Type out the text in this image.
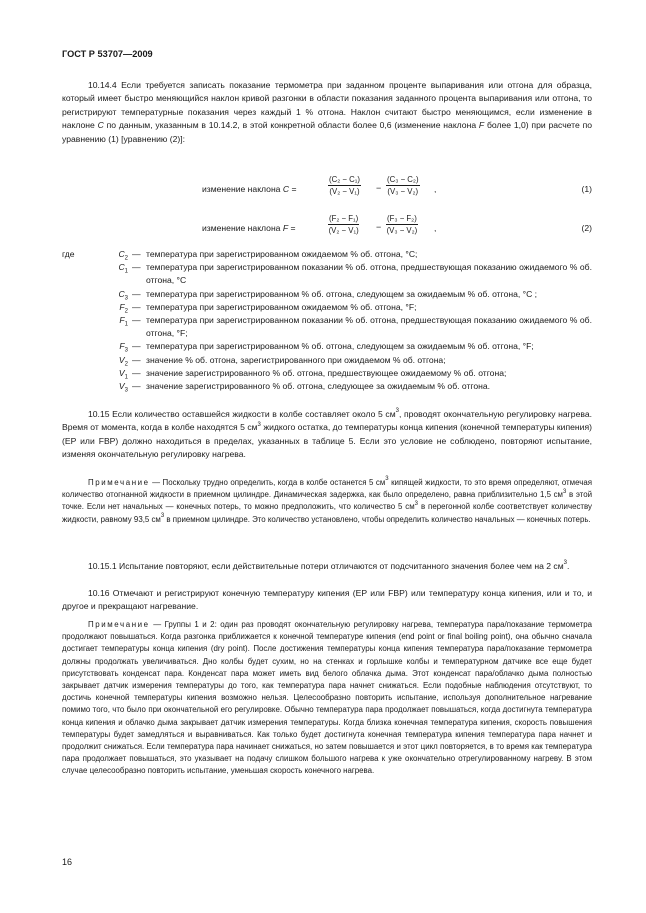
ГОСТ Р 53707—2009
10.14.4 Если требуется записать показание термометра при заданном проценте выпаривания или отгона для образца, который имеет быстро меняющийся наклон кривой разгонки в области показания заданного процента выпаривания или отгона, то регистрируют температурные показания через каждый 1 % отгона. Наклон считают быстро меняющимся, если изменение в наклоне C по данным, указанным в 10.14.2, в этой конкретной области более 0,6 (изменение наклона F более 1,0) при расчете по уравнению (1) [уравнению (2)]:
изменение наклона C =	$\frac{\text{(C₂ − C₁)}}{\text{(V₂ − V₁)}} - \frac{\text{(C₃ − C₂)}}{\text{(V₃ − V₂)}}$ ,	(1)
изменение наклона F =	$\frac{\text{(F₂ − F₁)}}{\text{(V₂ − V₁)}} - \frac{\text{(F₃ − F₂)}}{\text{(V₃ − V₂)}}$ ,	(2)
где	$C_2$ — температура при зарегистрированном ожидаемом % об. отгона, °C;
$C_1$ — температура при зарегистрированном показании % об. отгона, предшествующая показанию ожидаемого % об. отгона, °C
$C_3$ — температура при зарегистрированном % об. отгона, следующем за ожидаемым % об. отгона, °C ;
$F_2$ — температура при зарегистрированном ожидаемом % об. отгона, °F;
$F_1$ — температура при зарегистрированном показании % об. отгона, предшествующая показанию ожидаемого % об. отгона, °F;
$F_3$ — температура при зарегистрированном % об. отгона, следующем за ожидаемым % об. отгона, °F;
$V_2$ — значение % об. отгона, зарегистрированного при ожидаемом % об. отгона;
$V_1$ — значение зарегистрированного % об. отгона, предшествующее ожидаемому % об. отгона;
$V_3$ — значение зарегистрированного % об. отгона, следующее за ожидаемым % об. отгона.
10.15 Если количество оставшейся жидкости в колбе составляет около 5 $см^3$, проводят окончательную регулировку нагрева. Время от момента, когда в колбе находятся 5 $см^3$ жидкого остатка, до температуры конца кипения (конечной температуры кипения) (EP или FBP) должно находиться в пределах, указанных в таблице 5. Если это условие не соблюдено, повторяют испытание, изменяя окончательную регулировку нагрева.
Примечание — Поскольку трудно определить, когда в колбе останется 5 $см^3$ кипящей жидкости, то это время определяют, отмечая количество отогнанной жидкости в приемном цилиндре. Динамическая задержка, как было определено, равна приблизительно 1,5 $см^3$ в этой точке. Если нет начальных — конечных потерь, то можно предположить, что количество 5 $см^3$ в перегонной колбе соответствует количеству жидкости, равному 93,5 $см^3$ в приемном цилиндре. Это количество установлено, чтобы определить количество начальных — конечных потерь.
10.15.1 Испытание повторяют, если действительные потери отличаются от подсчитанного значения более чем на 2 $см^3$.
10.16 Отмечают и регистрируют конечную температуру кипения (EP или FBP) или температуру конца кипения, или и то, и другое и прекращают нагревание.
Примечание — Группы 1 и 2: один раз проводят окончательную регулировку нагрева, температура пара/показание термометра продолжают повышаться. Когда разгонка приближается к конечной температуре кипения (end point or final boiling point), она обычно сначала достигает температуры конца кипения (dry point). После достижения температуры конца кипения температура пара/показание термометра должны продолжать увеличиваться. Дно колбы будет сухим, но на стенках и горлышке колбы и температурном датчике все еще будет присутствовать конденсат пара. Конденсат пара может иметь вид белого облачка дыма. Этот конденсат пара/облачко дыма полностью закрывает датчик измерения температуры до того, как температура пара начнет снижаться. Если подобные наблюдения отсутствуют, то достичь конечной температуры кипения возможно нельзя. Целесообразно повторить испытание, используя дополнительное нагревание помимо того, что было при окончательной его регулировке. Обычно температура пара продолжает повышаться, когда достигнута температура конца кипения и облачко дыма закрывает датчик измерения температуры. Когда близка конечная температура кипения, скорость повышения температуры будет замедляться и выравниваться. Как только будет достигнута конечная температура кипения температура пара начнет и продолжит снижаться. Если температура пара начинает снижаться, но затем повышается и этот цикл повторяется, в то время как температура пара продолжает повышаться, это указывает на подачу слишком большого нагрева к уже окончательно отрегулированному нагреву. В этом случае целесообразно повторить испытание, уменьшая скорость конечного нагрева.
16
